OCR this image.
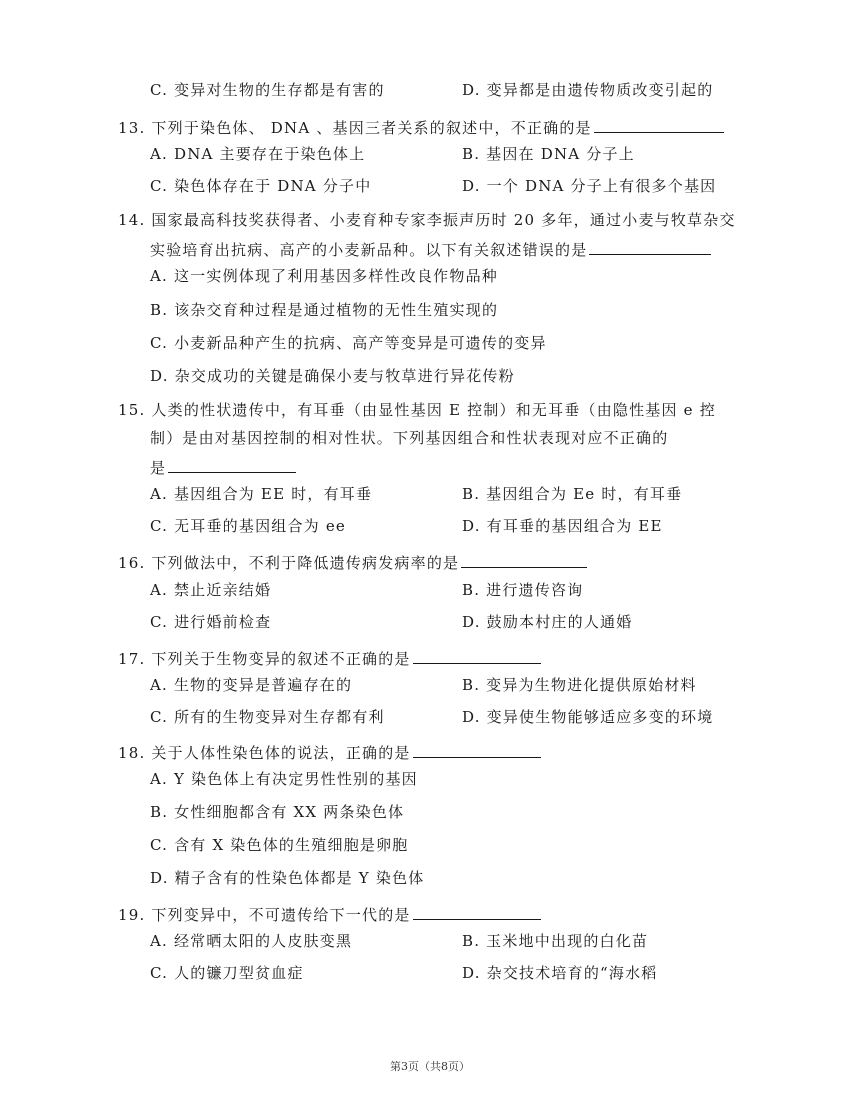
C. 变异对生物的生存都是有害的	D. 变异都是由遗传物质改变引起的
13. 下列于染色体、 DNA 、基因三者关系的叙述中，不正确的是
A. DNA 主要存在于染色体上	B. 基因在 DNA 分子上
C. 染色体存在于 DNA 分子中	D. 一个 DNA 分子上有很多个基因
14. 国家最高科技奖获得者、小麦育种专家李振声历时 20 多年，通过小麦与牧草杂交
实验培育出抗病、高产的小麦新品种。以下有关叙述错误的是
A. 这一实例体现了利用基因多样性改良作物品种
B. 该杂交育种过程是通过植物的无性生殖实现的
C. 小麦新品种产生的抗病、高产等变异是可遗传的变异
D. 杂交成功的关键是确保小麦与牧草进行异花传粉
15. 人类的性状遗传中，有耳垂（由显性基因 E 控制）和无耳垂（由隐性基因 e 控
制）是由对基因控制的相对性状。下列基因组合和性状表现对应不正确的
是
A. 基因组合为 EE 时，有耳垂	B. 基因组合为 Ee 时，有耳垂
C. 无耳垂的基因组合为 ee	D. 有耳垂的基因组合为 EE
16. 下列做法中，不利于降低遗传病发病率的是
A. 禁止近亲结婚	B. 进行遗传咨询
C. 进行婚前检查	D. 鼓励本村庄的人通婚
17. 下列关于生物变异的叙述不正确的是
A. 生物的变异是普遍存在的	B. 变异为生物进化提供原始材料
C. 所有的生物变异对生存都有利	D. 变异使生物能够适应多变的环境
18. 关于人体性染色体的说法，正确的是
A. Y 染色体上有决定男性性别的基因
B. 女性细胞都含有 XX 两条染色体
C. 含有 X 染色体的生殖细胞是卵胞
D. 精子含有的性染色体都是 Y 染色体
19. 下列变异中，不可遗传给下一代的是
A. 经常晒太阳的人皮肤变黑	B. 玉米地中出现的白化苗
C. 人的镰刀型贫血症	D. 杂交技术培育的“海水稻
第3页（共8页）
